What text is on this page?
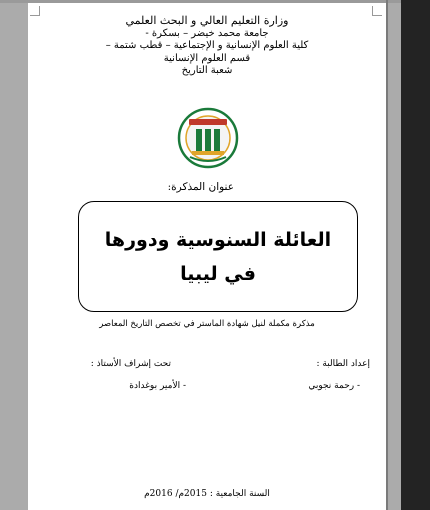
وزارة التعليم العالي و البحث العلمي
جامعة محمد خيضر – بسكرة -
كلية العلوم الإنسانية و الإجتماعية – قطب شتمة –
قسم العلوم الإنسانية
شعبة التاريخ
عنوان المذكرة:
العائلة السنوسية ودورها في ليبيا
مذكرة مكملة لنيل شهادة الماستر في تخصص التاريخ المعاصر
إعداد الطالبة :
تحت إشراف الأستاذ :
- رحمة نجوبي
- الأمير بوغدادة
السنة الجامعية : 2015م/ 2016م
